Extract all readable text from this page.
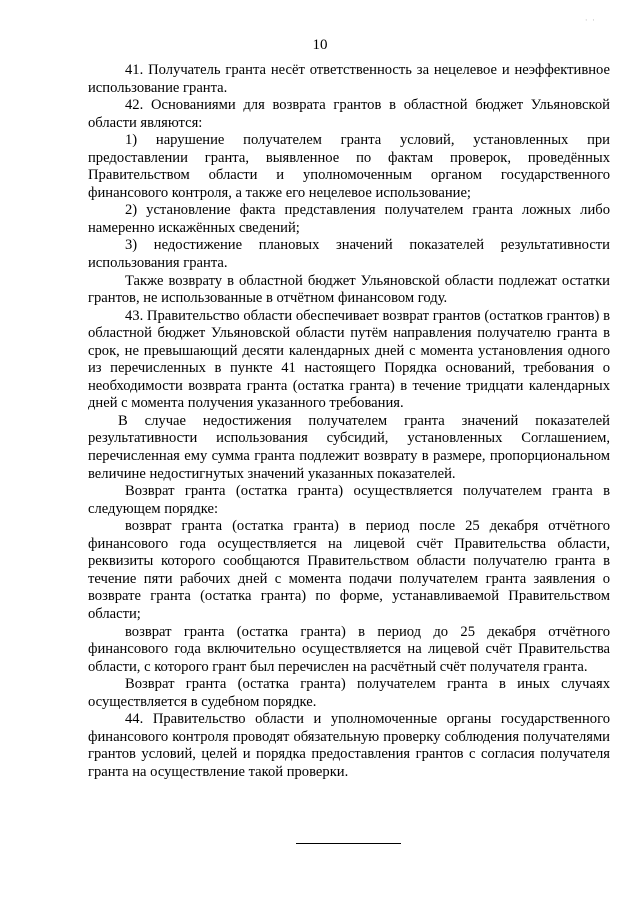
· ·
10

41. Получатель гранта несёт ответственность за нецелевое и неэффективное использование гранта.

42. Основаниями для возврата грантов в областной бюджет Ульяновской области являются:

1) нарушение получателем гранта условий, установленных при предоставлении гранта, выявленное по фактам проверок, проведённых Правительством области и уполномоченным органом государственного финансового контроля, а также его нецелевое использование;

2) установление факта представления получателем гранта ложных либо намеренно искажённых сведений;

3) недостижение плановых значений показателей результативности использования гранта.

Также возврату в областной бюджет Ульяновской области подлежат остатки грантов, не использованные в отчётном финансовом году.

43. Правительство области обеспечивает возврат грантов (остатков грантов) в областной бюджет Ульяновской области путём направления получателю гранта в срок, не превышающий десяти календарных дней с момента установления одного из перечисленных в пункте 41 настоящего Порядка оснований, требования о необходимости возврата гранта (остатка гранта) в течение тридцати календарных дней с момента получения указанного требования.

В случае недостижения получателем гранта значений показателей результативности использования субсидий, установленных Соглашением, перечисленная ему сумма гранта подлежит возврату в размере, пропорциональном величине недостигнутых значений указанных показателей.

Возврат гранта (остатка гранта) осуществляется получателем гранта в следующем порядке:

возврат гранта (остатка гранта) в период после 25 декабря отчётного финансового года осуществляется на лицевой счёт Правительства области, реквизиты которого сообщаются Правительством области получателю гранта в течение пяти рабочих дней с момента подачи получателем гранта заявления о возврате гранта (остатка гранта) по форме, устанавливаемой Правительством области;

возврат гранта (остатка гранта) в период до 25 декабря отчётного финансового года включительно осуществляется на лицевой счёт Правительства области, с которого грант был перечислен на расчётный счёт получателя гранта.

Возврат гранта (остатка гранта) получателем гранта в иных случаях осуществляется в судебном порядке.

44. Правительство области и уполномоченные органы государственного финансового контроля проводят обязательную проверку соблюдения получателями грантов условий, целей и порядка предоставления грантов с согласия получателя гранта на осуществление такой проверки.
